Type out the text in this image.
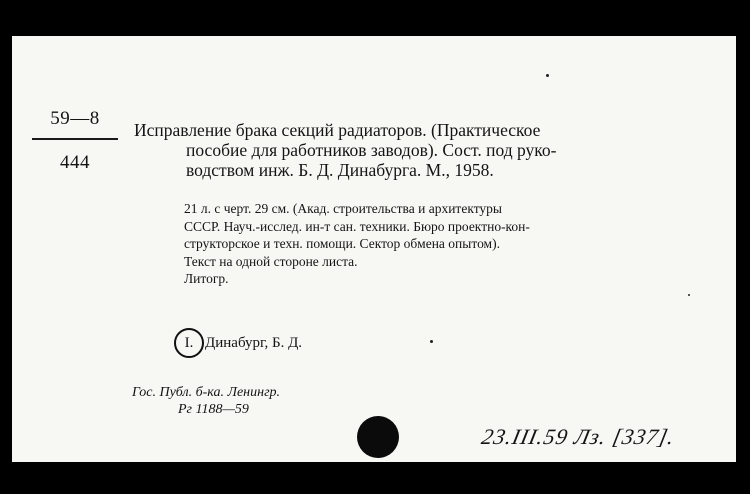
59—8
444
Исправление брака секций радиаторов. (Практическое
пособие для работников заводов). Сост. под руко-
водством инж. Б. Д. Динабурга. М., 1958.
21 л. с черт. 29 см. (Акад. строительства и архитектуры
СССР. Науч.-исслед. ин-т сан. техники. Бюро проектно-кон-
структорское и техн. помощи. Сектор обмена опытом).
Текст на одной стороне листа.
Литогр.
I. Динабург, Б. Д.
Гос. Публ. б-ка. Ленингр.
Рг 1188—59
23.III.59 Лз. [337].
